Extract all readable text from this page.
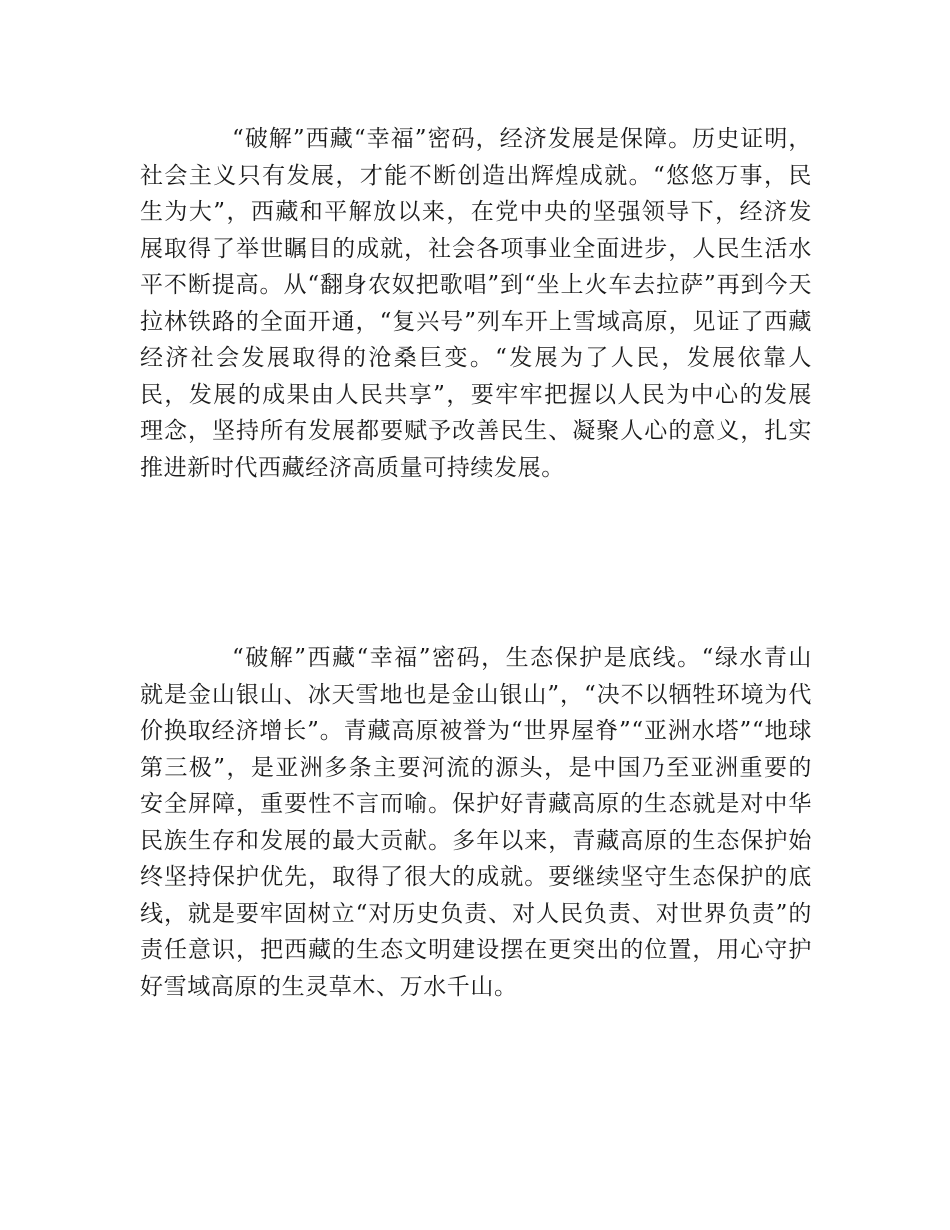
“破解”西藏“幸福”密码，经济发展是保障。历史证明，社会主义只有发展，才能不断创造出辉煌成就。“悠悠万事，民生为大”，西藏和平解放以来，在党中央的坚强领导下，经济发展取得了举世瞩目的成就，社会各项事业全面进步，人民生活水平不断提高。从“翻身农奴把歌唱”到“坐上火车去拉萨”再到今天拉林铁路的全面开通，“复兴号”列车开上雪域高原，见证了西藏经济社会发展取得的沧桑巨变。“发展为了人民，发展依靠人民，发展的成果由人民共享”，要牢牢把握以人民为中心的发展理念，坚持所有发展都要赋予改善民生、凝聚人心的意义，扎实推进新时代西藏经济高质量可持续发展。

“破解”西藏“幸福”密码，生态保护是底线。“绿水青山就是金山银山、冰天雪地也是金山银山”，“决不以牺牲环境为代价换取经济增长”。青藏高原被誉为“世界屋脊”“亚洲水塔”“地球第三极”，是亚洲多条主要河流的源头，是中国乃至亚洲重要的安全屏障，重要性不言而喻。保护好青藏高原的生态就是对中华民族生存和发展的最大贡献。多年以来，青藏高原的生态保护始终坚持保护优先，取得了很大的成就。要继续坚守生态保护的底线，就是要牢固树立“对历史负责、对人民负责、对世界负责”的责任意识，把西藏的生态文明建设摆在更突出的位置，用心守护好雪域高原的生灵草木、万水千山。
